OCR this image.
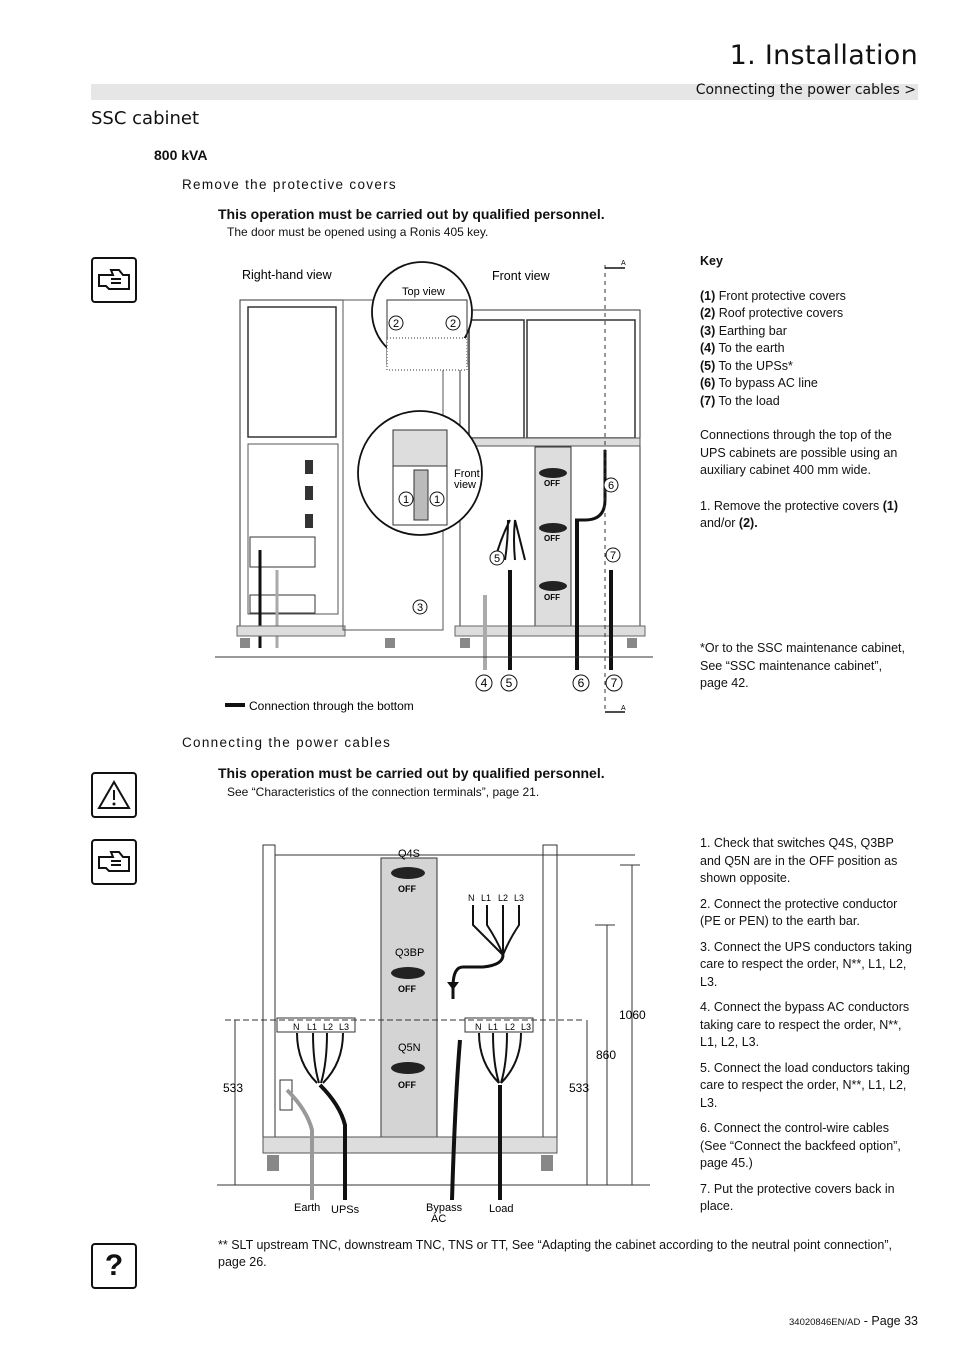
1. Installation
Connecting the power cables >
SSC cabinet
800 kVA
Remove the protective covers
This operation must be carried out by qualified personnel.
The door must be opened using a Ronis 405 key.
A
A
2	2
Top view
1 1
Front
view
Right-hand view	Front view
OFF
OFF
OFF
3
5
6
7
4 5	6 7
Connection through the bottom
Key
(1) Front protective covers
(2) Roof protective covers
(3) Earthing bar
(4) To the earth
(5) To the UPSs*
(6) To bypass AC line
(7) To the load
Connections through the top of the
UPS cabinets are possible using an
auxiliary cabinet 400 mm wide.
1. Remove the protective covers (1)
and/or (2).
*Or to the SSC maintenance cabinet,
See “SSC maintenance cabinet”,
page 42.
Connecting the power cables
This operation must be carried out by qualified personnel.
See “Characteristics of the connection terminals”, page 21.
Q4S
OFF
Q3BP
OFF
Q5N
OFF
N L1 L2 L3
N L1 L2 L3	N L1 L2 L3
533	533
860
1060
Earth UPSs	Bypass
AC
Load

1. Check that switches Q4S, Q3BP and Q5N are in the OFF position as shown opposite.

2. Connect the protective conductor (PE or PEN) to the earth bar.

3. Connect the UPS conductors taking care to respect the order, N**, L1, L2, L3.

4. Connect the bypass AC conductors taking care to respect the order, N**, L1, L2, L3.

5. Connect the load conductors taking care to respect the order, N**, L1, L2, L3.

6. Connect the control-wire cables (See “Connect the backfeed option”, page 45.)

7. Put the protective covers back in place.

?
** SLT upstream TNC, downstream TNC, TNS or TT, See “Adapting the cabinet according to the neutral point connection”, page 26.
34020846EN/AD - Page 33
